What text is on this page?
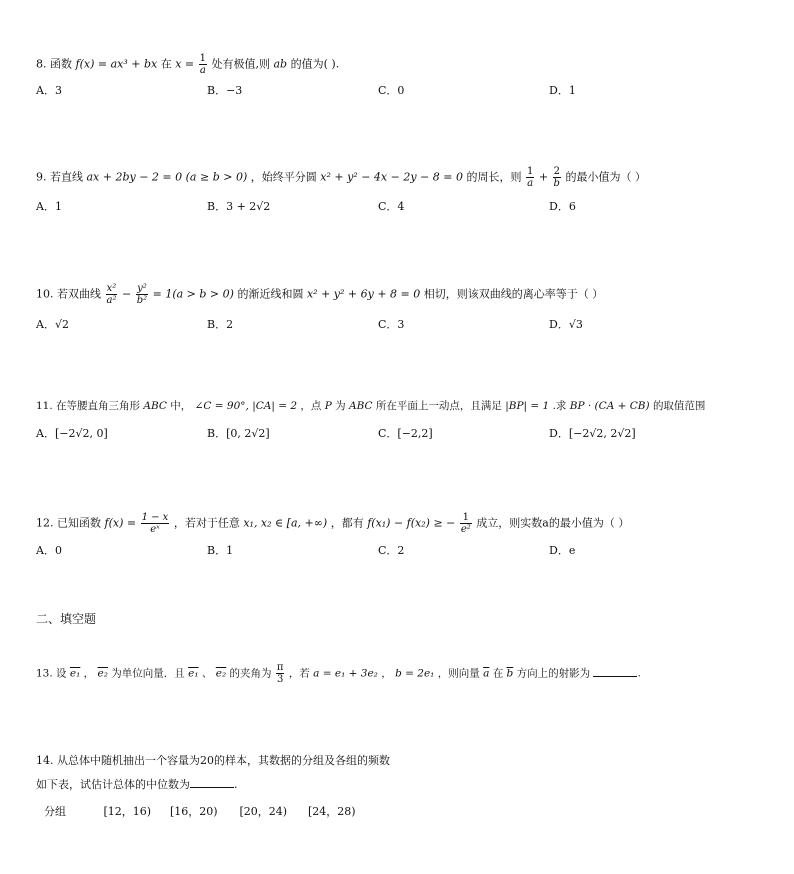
8. 函数 f(x) = ax³ + bx 在 $x = \frac{1}{a}$ 处有极值,则 ab 的值为( ).
A．3	B．−3	C．0	D．1
9. 若直线 ax + 2by − 2 = 0 (a ≥ b > 0) ，始终平分圆 x² + y² − 4x − 2y − 8 = 0 的周长，则 $\frac{1}{a} + \frac{2}{b}$ 的最小值为（ ）
A．1	B．3 + 2√2	C．4	D．6
10. 若双曲线 $\frac{\text{x²}}{\text{a²}} - \frac{\text{y²}}{\text{b²}} = 1(a > b > 0)$ 的渐近线和圆 x² + y² + 6y + 8 = 0 相切，则该双曲线的离心率等于（ ）
A．√2	B．2	C．3	D．√3
11. 在等腰直角三角形 ABC 中， ∠C = 90°, |CA| = 2 ，点 P 为 ABC 所在平面上一动点，且满足 |BP| = 1 .求 BP · (CA + CB) 的取值范围
A．[−2√2, 0]	B．[0, 2√2]	C．[−2,2]	D．[−2√2, 2√2]
12. 已知函数 $f(x) = \frac{1 - x}{\text{eˣ}}$ ，若对于任意 x₁, x₂ ∈ [a, +∞) ，都有 f(x₁) − f(x₂) ≥ − $\frac{1}{\text{e²}}$ 成立，则实数a的最小值为（ ）
A．0	B．1	C．2	D．e
二、填空题
13. 设 e₁ ， e₂ 为单位向量．且 e₁ 、 e₂ 的夹角为 $\frac{\pi}{3}$ ，若 a = e₁ + 3e₂ ， b = 2e₁ ，则向量 $\overline{a}$ 在 $\overline{b}$ 方向上的射影为	.
14. 从总体中随机抽出一个容量为20的样本，其数据的分组及各组的频数
如下表，试估计总体的中位数为	.
分组	[12，16) [16，20) [20，24) [24，28)
